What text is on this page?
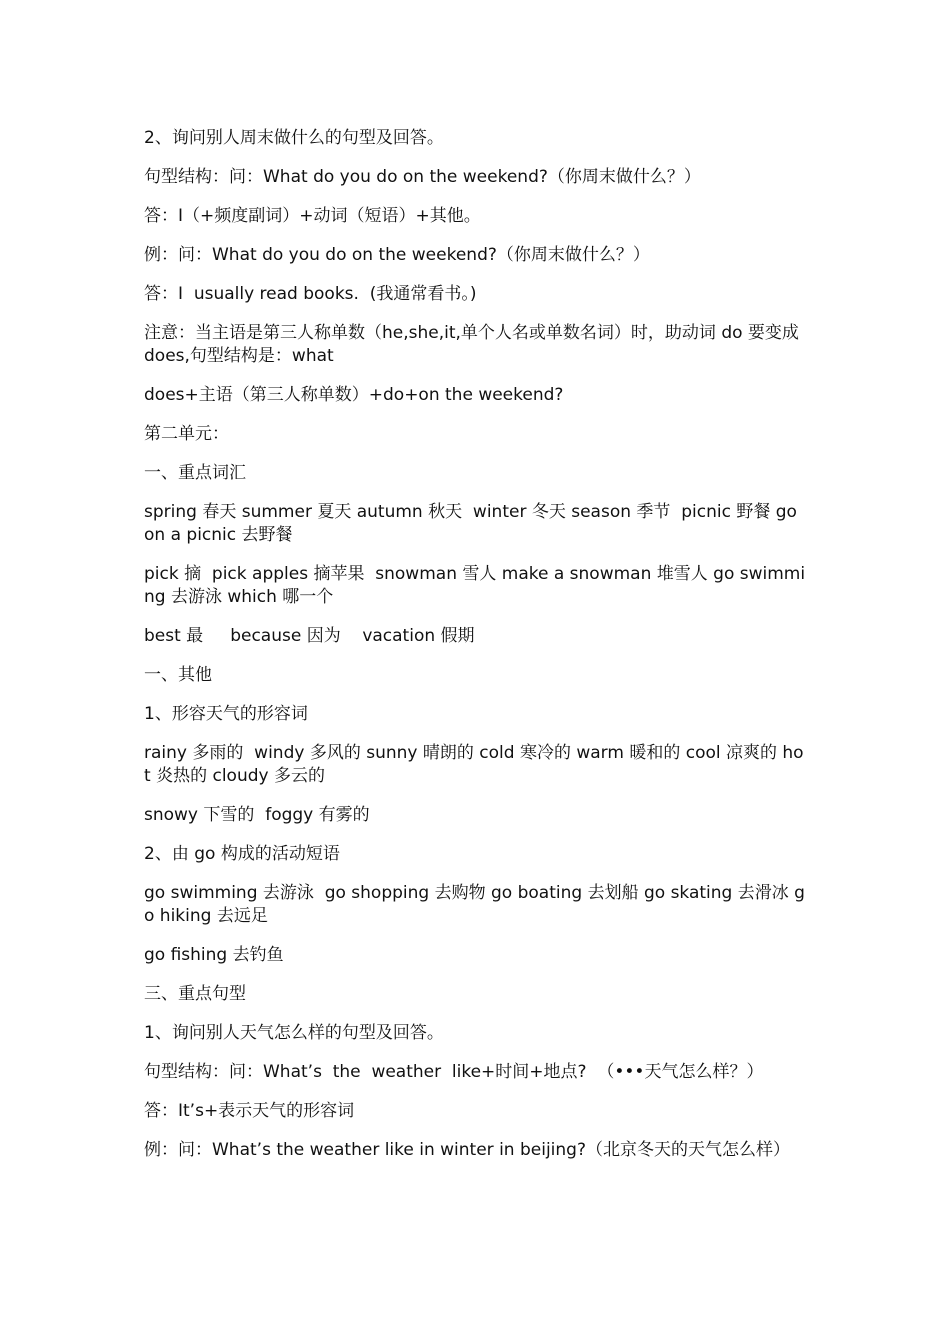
2、询问别人周末做什么的句型及回答。

句型结构：问：What do you do on the weekend?（你周末做什么？）

答：I（+频度副词）+动词（短语）+其他。

例：问：What do you do on the weekend?（你周末做什么？）

答：I  usually read books.  (我通常看书。)

注意：当主语是第三人称单数（he,she,it,单个人名或单数名词）时，助动词 do 要变成 does,句型结构是：what

does+主语（第三人称单数）+do+on the weekend?

第二单元：

一、重点词汇

spring 春天 summer 夏天 autumn 秋天  winter 冬天 season 季节  picnic 野餐 go on a picnic 去野餐

pick 摘  pick apples 摘苹果  snowman 雪人 make a snowman 堆雪人 go swimming 去游泳 which 哪一个

best 最     because 因为    vacation 假期

一、其他

1、形容天气的形容词

rainy 多雨的  windy 多风的 sunny 晴朗的 cold 寒冷的 warm 暖和的 cool 凉爽的 hot 炎热的 cloudy 多云的

snowy 下雪的  foggy 有雾的

2、由 go 构成的活动短语

go swimming 去游泳  go shopping 去购物 go boating 去划船 go skating 去滑冰 go hiking 去远足

go fishing 去钓鱼

三、重点句型

1、询问别人天气怎么样的句型及回答。

句型结构：问：What’s  the  weather  like+时间+地点?  （•••天气怎么样？）

答：It’s+表示天气的形容词

例：问：What’s the weather like in winter in beijing?（北京冬天的天气怎么样）
